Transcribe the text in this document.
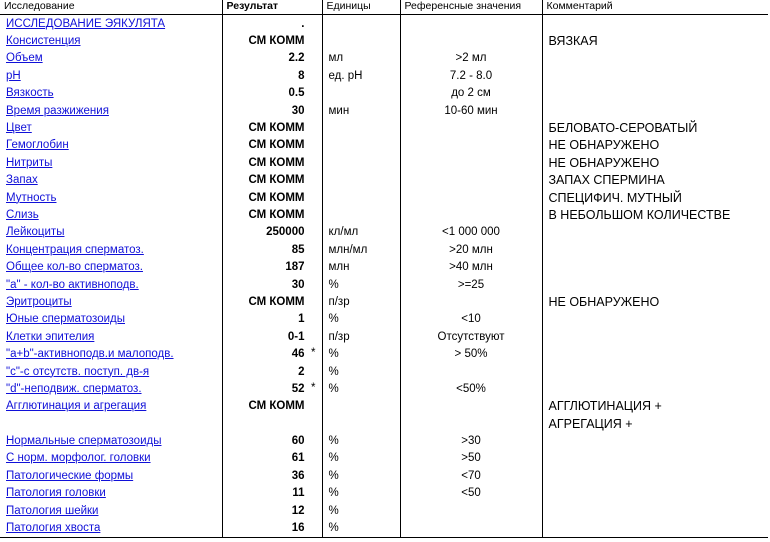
Исследование	Результат	Единицы	Референсные значения	Комментарий
ИССЛЕДОВАНИЕ ЭЯКУЛЯТА	.			
Консистенция	СМ КОММ			ВЯЗКАЯ
Объем	2.2	мл	>2 мл	
pH	8	ед. pH	7.2 - 8.0	
Вязкость	0.5		до 2 см	
Время разжижения	30	мин	10-60 мин	
Цвет	СМ КОММ			БЕЛОВАТО-СЕРОВАТЫЙ
Гемоглобин	СМ КОММ			НЕ ОБНАРУЖЕНО
Нитриты	СМ КОММ			НЕ ОБНАРУЖЕНО
Запах	СМ КОММ			ЗАПАХ СПЕРМИНА
Мутность	СМ КОММ			СПЕЦИФИЧ. МУТНЫЙ
Слизь	СМ КОММ			В НЕБОЛЬШОМ КОЛИЧЕСТВЕ
Лейкоциты	250000	кл/мл	<1 000 000	
Концентрация сперматоз.	85	млн/мл	>20 млн	
Общее кол-во сперматоз.	187	млн	>40 млн	
"а" - кол-во активноподв.	30	%	>=25	
Эритроциты	СМ КОММ	п/зр		НЕ ОБНАРУЖЕНО
Юные сперматозоиды	1	%	<10	
Клетки эпителия	0-1	п/зр	Отсутствуют	
"а+b"-активноподв.и малоподв.	46 *	%	> 50%	
"c"-с отсутств. поступ. дв-я	2	%		
"d"-неподвиж. сперматоз.	52 *	%	<50%	
Агглютинация и агрегация	СМ КОММ			АГГЛЮТИНАЦИЯ +
				АГРЕГАЦИЯ +
Нормальные сперматозоиды	60	%	>30	
С норм. морфолог. головки	61	%	>50	
Патологические формы	36	%	<70	
Патология головки	11	%	<50	
Патология шейки	12	%		
Патология хвоста	16	%		
